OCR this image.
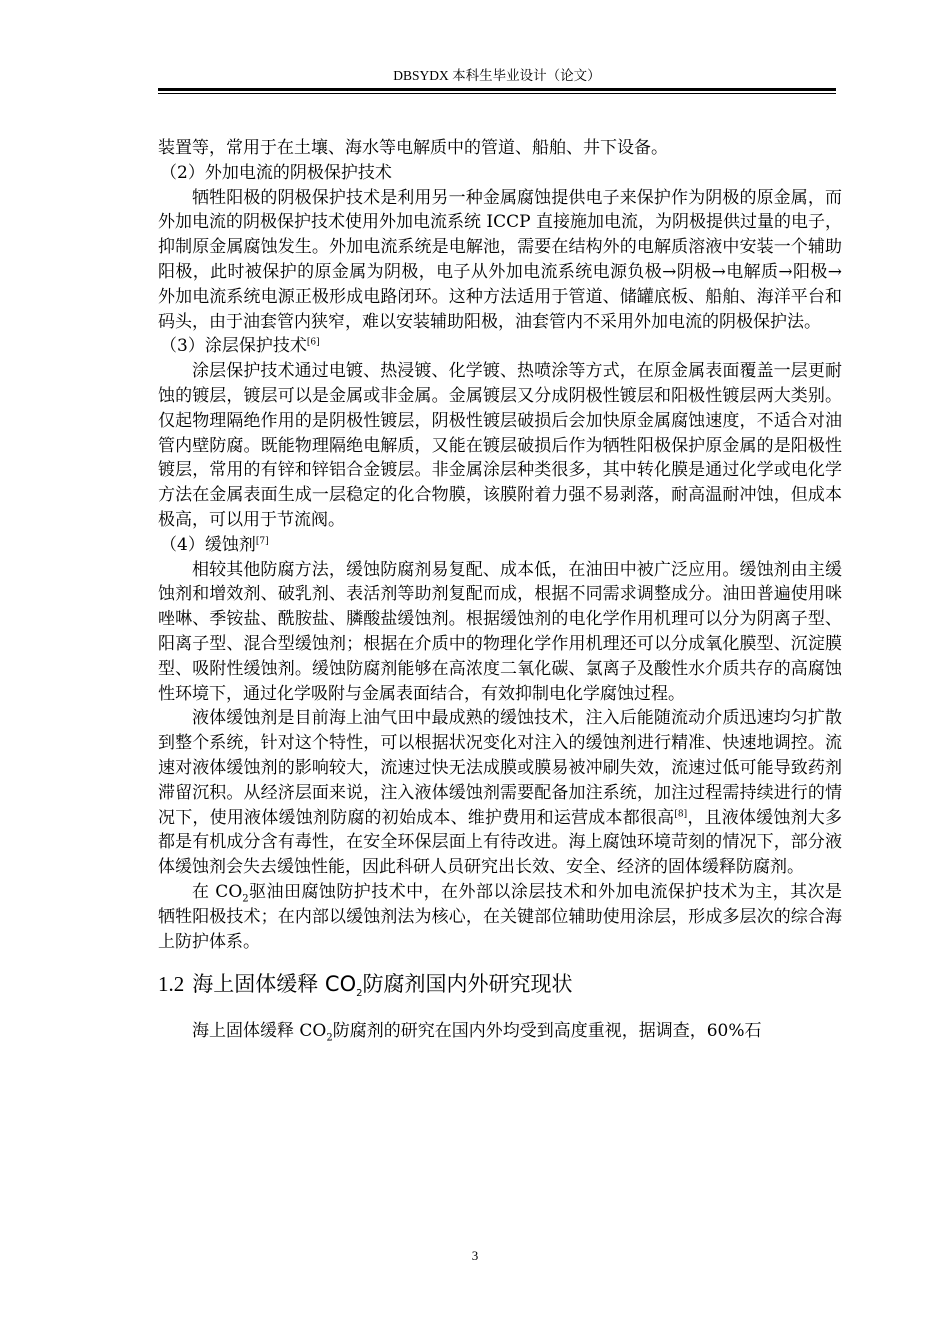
DBSYDX 本科生毕业设计（论文）

装置等，常用于在土壤、海水等电解质中的管道、船舶、井下设备。

（2）外加电流的阴极保护技术

牺牲阳极的阴极保护技术是利用另一种金属腐蚀提供电子来保护作为阴极的原金属，而外加电流的阴极保护技术使用外加电流系统 ICCP 直接施加电流，为阴极提供过量的电子，抑制原金属腐蚀发生。外加电流系统是电解池，需要在结构外的电解质溶液中安装一个辅助阳极，此时被保护的原金属为阴极，电子从外加电流系统电源负极→阴极→电解质→阳极→外加电流系统电源正极形成电路闭环。这种方法适用于管道、储罐底板、船舶、海洋平台和码头，由于油套管内狭窄，难以安装辅助阳极，油套管内不采用外加电流的阴极保护法。

（3）涂层保护技术[6]

涂层保护技术通过电镀、热浸镀、化学镀、热喷涂等方式，在原金属表面覆盖一层更耐蚀的镀层，镀层可以是金属或非金属。金属镀层又分成阴极性镀层和阳极性镀层两大类别。仅起物理隔绝作用的是阴极性镀层，阴极性镀层破损后会加快原金属腐蚀速度，不适合对油管内壁防腐。既能物理隔绝电解质，又能在镀层破损后作为牺牲阳极保护原金属的是阳极性镀层，常用的有锌和锌铝合金镀层。非金属涂层种类很多，其中转化膜是通过化学或电化学方法在金属表面生成一层稳定的化合物膜，该膜附着力强不易剥落，耐高温耐冲蚀，但成本极高，可以用于节流阀。

（4）缓蚀剂[7]

相较其他防腐方法，缓蚀防腐剂易复配、成本低，在油田中被广泛应用。缓蚀剂由主缓蚀剂和增效剂、破乳剂、表活剂等助剂复配而成，根据不同需求调整成分。油田普遍使用咪唑啉、季铵盐、酰胺盐、膦酸盐缓蚀剂。根据缓蚀剂的电化学作用机理可以分为阴离子型、阳离子型、混合型缓蚀剂；根据在介质中的物理化学作用机理还可以分成氧化膜型、沉淀膜型、吸附性缓蚀剂。缓蚀防腐剂能够在高浓度二氧化碳、氯离子及酸性水介质共存的高腐蚀性环境下，通过化学吸附与金属表面结合，有效抑制电化学腐蚀过程。

液体缓蚀剂是目前海上油气田中最成熟的缓蚀技术，注入后能随流动介质迅速均匀扩散到整个系统，针对这个特性，可以根据状况变化对注入的缓蚀剂进行精准、快速地调控。流速对液体缓蚀剂的影响较大，流速过快无法成膜或膜易被冲刷失效，流速过低可能导致药剂滞留沉积。从经济层面来说，注入液体缓蚀剂需要配备加注系统，加注过程需持续进行的情况下，使用液体缓蚀剂防腐的初始成本、维护费用和运营成本都很高[8]，且液体缓蚀剂大多都是有机成分含有毒性，在安全环保层面上有待改进。海上腐蚀环境苛刻的情况下，部分液体缓蚀剂会失去缓蚀性能，因此科研人员研究出长效、安全、经济的固体缓释防腐剂。

在 $CO_2$驱油田腐蚀防护技术中，在外部以涂层技术和外加电流保护技术为主，其次是牺牲阳极技术；在内部以缓蚀剂法为核心，在关键部位辅助使用涂层，形成多层次的综合海上防护体系。

1.2 海上固体缓释 $CO_2$防腐剂国内外研究现状

海上固体缓释 $CO_2$防腐剂的研究在国内外均受到高度重视，据调查，60%石

3
